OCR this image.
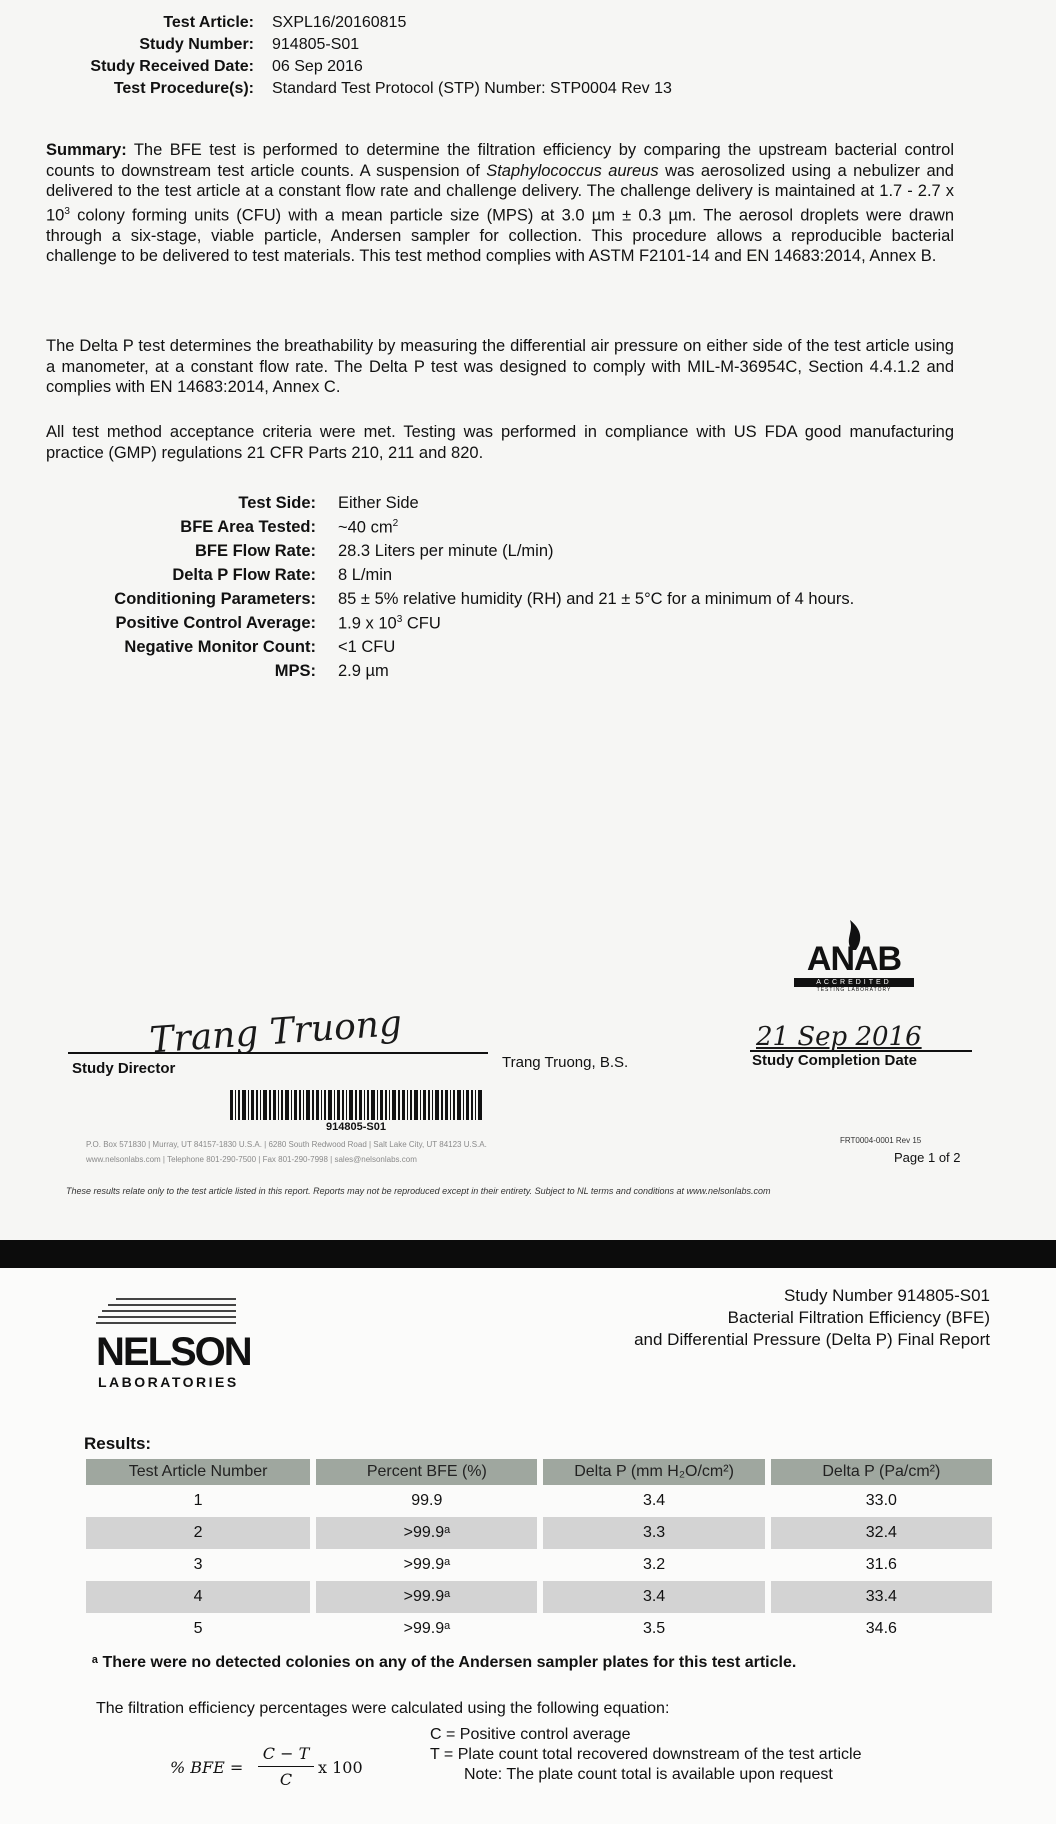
Test Article: SXPL16/20160815
Study Number: 914805-S01
Study Received Date: 06 Sep 2016
Test Procedure(s): Standard Test Protocol (STP) Number: STP0004 Rev 13
Summary: The BFE test is performed to determine the filtration efficiency by comparing the upstream bacterial control counts to downstream test article counts. A suspension of Staphylococcus aureus was aerosolized using a nebulizer and delivered to the test article at a constant flow rate and challenge delivery. The challenge delivery is maintained at 1.7 - 2.7 x $10^3$ colony forming units (CFU) with a mean particle size (MPS) at 3.0 µm ± 0.3 µm. The aerosol droplets were drawn through a six-stage, viable particle, Andersen sampler for collection. This procedure allows a reproducible bacterial challenge to be delivered to test materials. This test method complies with ASTM F2101-14 and EN 14683:2014, Annex B.
The Delta P test determines the breathability by measuring the differential air pressure on either side of the test article using a manometer, at a constant flow rate. The Delta P test was designed to comply with MIL-M-36954C, Section 4.4.1.2 and complies with EN 14683:2014, Annex C.
All test method acceptance criteria were met. Testing was performed in compliance with US FDA good manufacturing practice (GMP) regulations 21 CFR Parts 210, 211 and 820.
Test Side: Either Side
BFE Area Tested: ~40 $cm^2$
BFE Flow Rate: 28.3 Liters per minute (L/min)
Delta P Flow Rate: 8 L/min
Conditioning Parameters: 85 ± 5% relative humidity (RH) and 21 ± 5°C for a minimum of 4 hours.
Positive Control Average: 1.9 x $10^3$ CFU
Negative Monitor Count: <1 CFU
MPS: 2.9 µm
ANAB
ACCREDITED
TESTING LABORATORY
Trang Truong
Study Director	Trang Truong, B.S.
21 Sep 2016
Study Completion Date
914805-S01
P.O. Box 571830 | Murray, UT 84157-1830 U.S.A. | 6280 South Redwood Road | Salt Lake City, UT 84123 U.S.A.
www.nelsonlabs.com | Telephone 801-290-7500 | Fax 801-290-7998 | sales@nelsonlabs.com
FRT0004-0001 Rev 15
Page 1 of 2
These results relate only to the test article listed in this report. Reports may not be reproduced except in their entirety. Subject to NL terms and conditions at www.nelsonlabs.com
NELSON
LABORATORIES
Study Number 914805-S01
Bacterial Filtration Efficiency (BFE)
and Differential Pressure (Delta P) Final Report
Results:
Test Article Number	Percent BFE (%)	Delta P (mm H₂O/cm²)	Delta P (Pa/cm²)
1	99.9	3.4	33.0
2	>99.9ᵃ	3.3	32.4
3	>99.9ᵃ	3.2	31.6
4	>99.9ᵃ	3.4	33.4
5	>99.9ᵃ	3.5	34.6
ᵃ There were no detected colonies on any of the Andersen sampler plates for this test article.
The filtration efficiency percentages were calculated using the following equation:
% BFE =
C − T
C
x 100
C = Positive control average
T = Plate count total recovered downstream of the test article
Note: The plate count total is available upon request
